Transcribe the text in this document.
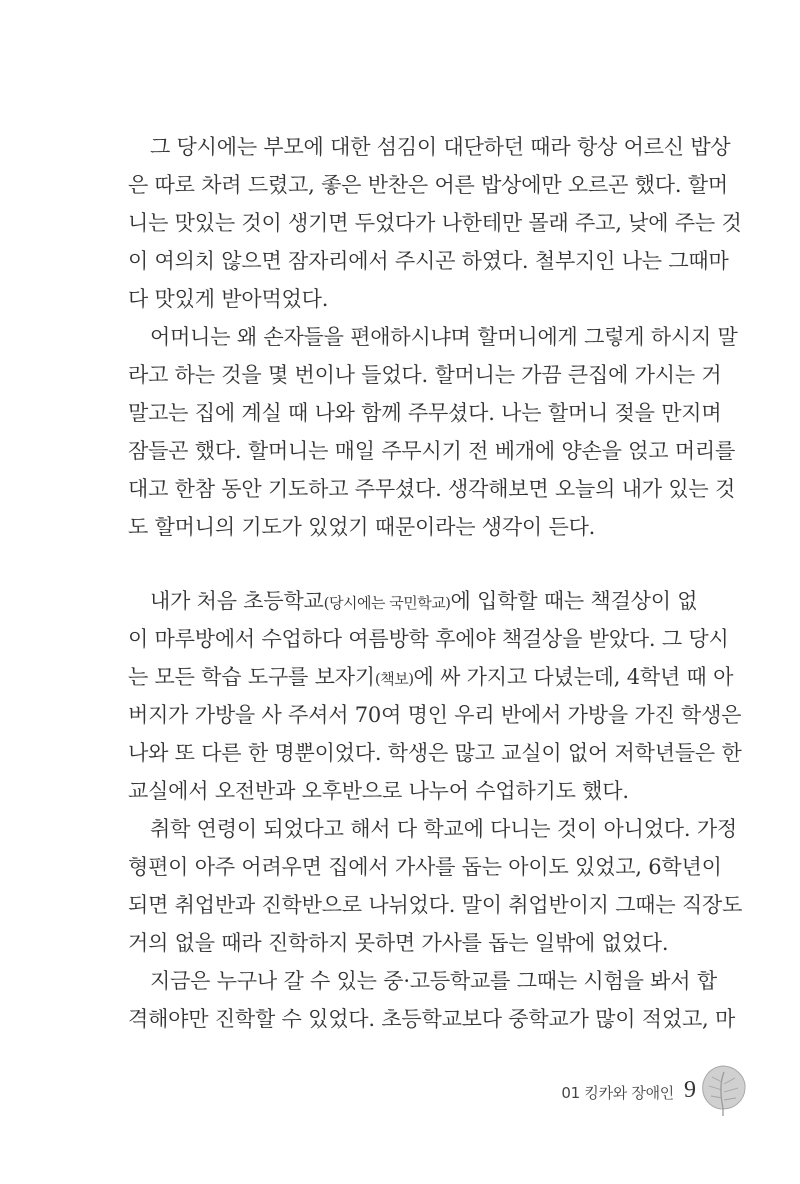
그 당시에는 부모에 대한 섬김이 대단하던 때라 항상 어르신 밥상
은 따로 차려 드렸고, 좋은 반찬은 어른 밥상에만 오르곤 했다. 할머
니는 맛있는 것이 생기면 두었다가 나한테만 몰래 주고, 낮에 주는 것
이 여의치 않으면 잠자리에서 주시곤 하였다. 철부지인 나는 그때마
다 맛있게 받아먹었다.
어머니는 왜 손자들을 편애하시냐며 할머니에게 그렇게 하시지 말
라고 하는 것을 몇 번이나 들었다. 할머니는 가끔 큰집에 가시는 거
말고는 집에 계실 때 나와 함께 주무셨다. 나는 할머니 젖을 만지며
잠들곤 했다. 할머니는 매일 주무시기 전 베개에 양손을 얹고 머리를
대고 한참 동안 기도하고 주무셨다. 생각해보면 오늘의 내가 있는 것
도 할머니의 기도가 있었기 때문이라는 생각이 든다.
내가 처음 초등학교(당시에는 국민학교)에 입학할 때는 책걸상이 없
이 마루방에서 수업하다 여름방학 후에야 책걸상을 받았다. 그 당시
는 모든 학습 도구를 보자기(책보)에 싸 가지고 다녔는데, 4학년 때 아
버지가 가방을 사 주셔서 70여 명인 우리 반에서 가방을 가진 학생은
나와 또 다른 한 명뿐이었다. 학생은 많고 교실이 없어 저학년들은 한
교실에서 오전반과 오후반으로 나누어 수업하기도 했다.
취학 연령이 되었다고 해서 다 학교에 다니는 것이 아니었다. 가정
형편이 아주 어려우면 집에서 가사를 돕는 아이도 있었고, 6학년이
되면 취업반과 진학반으로 나뉘었다. 말이 취업반이지 그때는 직장도
거의 없을 때라 진학하지 못하면 가사를 돕는 일밖에 없었다.
지금은 누구나 갈 수 있는 중·고등학교를 그때는 시험을 봐서 합
격해야만 진학할 수 있었다. 초등학교보다 중학교가 많이 적었고, 마
01 킹카와 장애인 9
